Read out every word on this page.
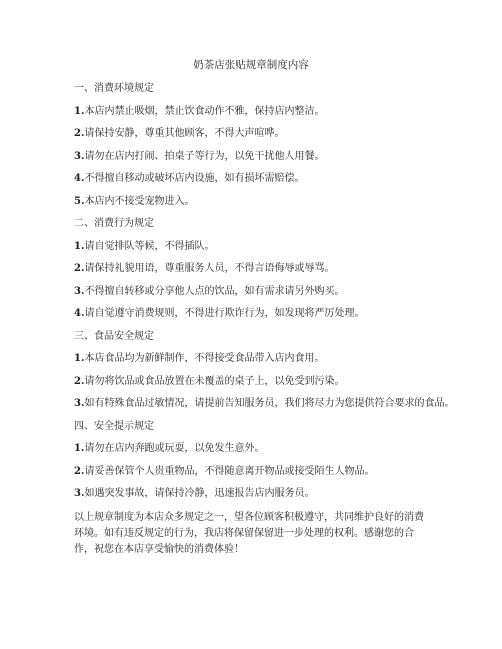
奶茶店张贴规章制度内容
一、消费环境规定
1.本店内禁止吸烟，禁止饮食动作不雅，保持店内整洁。
2.请保持安静，尊重其他顾客，不得大声喧哗。
3.请勿在店内打闹、拍桌子等行为，以免干扰他人用餐。
4.不得擅自移动或破坏店内设施，如有损坏需赔偿。
5.本店内不接受宠物进入。
二、消费行为规定
1.请自觉排队等候，不得插队。
2.请保持礼貌用语，尊重服务人员，不得言语侮辱或辱骂。
3.不得擅自转移或分享他人点的饮品，如有需求请另外购买。
4.请自觉遵守消费规则，不得进行欺诈行为，如发现将严厉处理。
三、食品安全规定
1.本店食品均为新鲜制作，不得接受食品带入店内食用。
2.请勿将饮品或食品放置在未覆盖的桌子上，以免受到污染。
3.如有特殊食品过敏情况，请提前告知服务员，我们将尽力为您提供符合要求的食品。
四、安全提示规定
1.请勿在店内奔跑或玩耍，以免发生意外。
2.请妥善保管个人贵重物品，不得随意离开物品或接受陌生人物品。
3.如遇突发事故，请保持冷静，迅速报告店内服务员。
以上规章制度为本店众多规定之一，望各位顾客积极遵守，共同维护良好的消费环境。如有违反规定的行为，我店将保留保留进一步处理的权利。感谢您的合作，祝您在本店享受愉快的消费体验！
